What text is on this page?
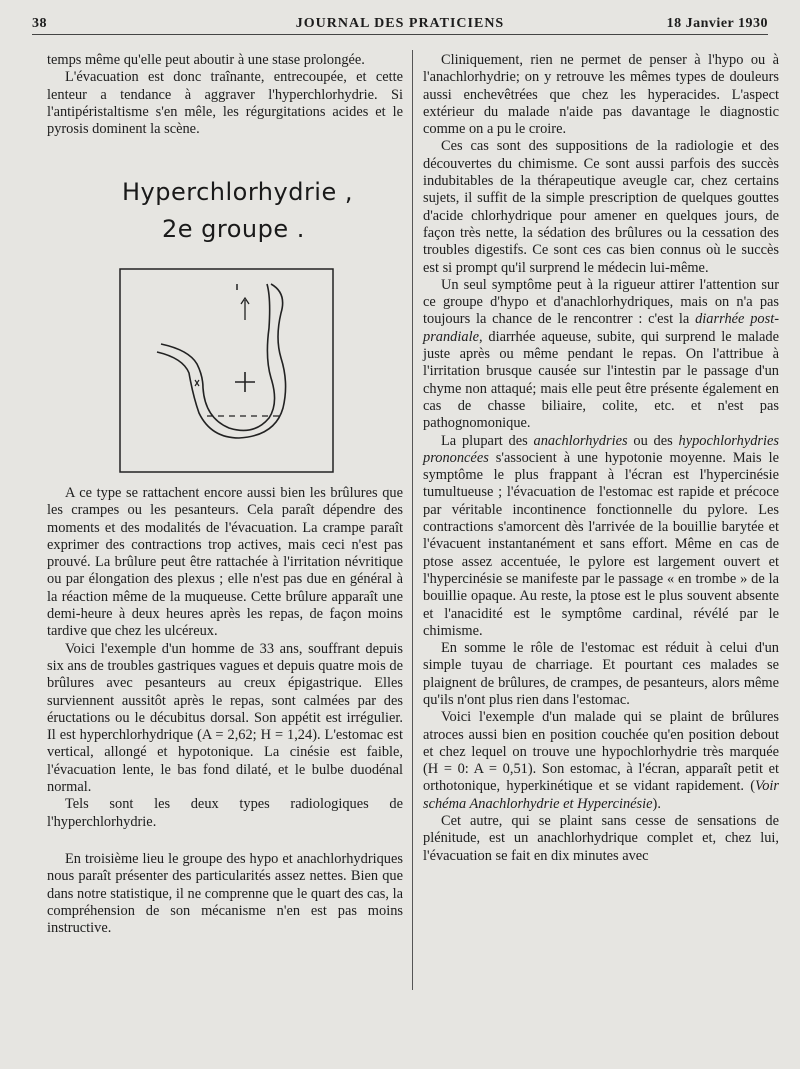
38	JOURNAL DES PRATICIENS	18 Janvier 1930

temps même qu'elle peut aboutir à une stase prolongée.

L'évacuation est donc traînante, entrecoupée, et cette lenteur a tendance à aggraver l'hyperchlorhydrie. Si l'antipéristaltisme s'en mêle, les régurgitations acides et le pyrosis dominent la scène.

Hyperchlorhydrie ,
2e groupe .

A ce type se rattachent encore aussi bien les brûlures que les crampes ou les pesanteurs. Cela paraît dépendre des moments et des modalités de l'évacuation. La crampe paraît exprimer des contractions trop actives, mais ceci n'est pas prouvé. La brûlure peut être rattachée à l'irritation névritique ou par élongation des plexus ; elle n'est pas due en général à la réaction même de la muqueuse. Cette brûlure apparaît une demi-heure à deux heures après les repas, de façon moins tardive que chez les ulcéreux.

Voici l'exemple d'un homme de 33 ans, souffrant depuis six ans de troubles gastriques vagues et depuis quatre mois de brûlures avec pesanteurs au creux épigastrique. Elles surviennent aussitôt après le repas, sont calmées par des éructations ou le décubitus dorsal. Son appétit est irrégulier. Il est hyperchlorhydrique (A = 2,62; H = 1,24). L'estomac est vertical, allongé et hypotonique. La cinésie est faible, l'évacuation lente, le bas fond dilaté, et le bulbe duodénal normal.

Tels sont les deux types radiologiques de l'hyperchlorhydrie.

En troisième lieu le groupe des hypo et anachlorhydriques nous paraît présenter des particularités assez nettes. Bien que dans notre statistique, il ne comprenne que le quart des cas, la compréhension de son mécanisme n'en est pas moins instructive.

Cliniquement, rien ne permet de penser à l'hypo ou à l'anachlorhydrie; on y retrouve les mêmes types de douleurs aussi enchevêtrées que chez les hyperacides. L'aspect extérieur du malade n'aide pas davantage le diagnostic comme on a pu le croire.

Ces cas sont des suppositions de la radiologie et des découvertes du chimisme. Ce sont aussi parfois des succès indubitables de la thérapeutique aveugle car, chez certains sujets, il suffit de la simple prescription de quelques gouttes d'acide chlorhydrique pour amener en quelques jours, de façon très nette, la sédation des brûlures ou la cessation des troubles digestifs. Ce sont ces cas bien connus où le succès est si prompt qu'il surprend le médecin lui-même.

Un seul symptôme peut à la rigueur attirer l'attention sur ce groupe d'hypo et d'anachlorhydriques, mais on n'a pas toujours la chance de le rencontrer : c'est la diarrhée post-prandiale, diarrhée aqueuse, subite, qui surprend le malade juste après ou même pendant le repas. On l'attribue à l'irritation brusque causée sur l'intestin par le passage d'un chyme non attaqué; mais elle peut être présente également en cas de chasse biliaire, colite, etc. et n'est pas pathognomonique.

La plupart des anachlorhydries ou des hypochlorhydries prononcées s'associent à une hypotonie moyenne. Mais le symptôme le plus frappant à l'écran est l'hypercinésie tumultueuse ; l'évacuation de l'estomac est rapide et précoce par véritable incontinence fonctionnelle du pylore. Les contractions s'amorcent dès l'arrivée de la bouillie barytée et l'évacuent instantanément et sans effort. Même en cas de ptose assez accentuée, le pylore est largement ouvert et l'hypercinésie se manifeste par le passage « en trombe » de la bouillie opaque. Au reste, la ptose est le plus souvent absente et l'anacidité est le symptôme cardinal, révélé par le chimisme.

En somme le rôle de l'estomac est réduit à celui d'un simple tuyau de charriage. Et pourtant ces malades se plaignent de brûlures, de crampes, de pesanteurs, alors même qu'ils n'ont plus rien dans l'estomac.

Voici l'exemple d'un malade qui se plaint de brûlures atroces aussi bien en position couchée qu'en position debout et chez lequel on trouve une hypochlorhydrie très marquée (H = 0: A = 0,51). Son estomac, à l'écran, apparaît petit et orthotonique, hyperkinétique et se vidant rapidement. (Voir schéma Anachlorhydrie et Hypercinésie).

Cet autre, qui se plaint sans cesse de sensations de plénitude, est un anachlorhydrique complet et, chez lui, l'évacuation se fait en dix minutes avec
